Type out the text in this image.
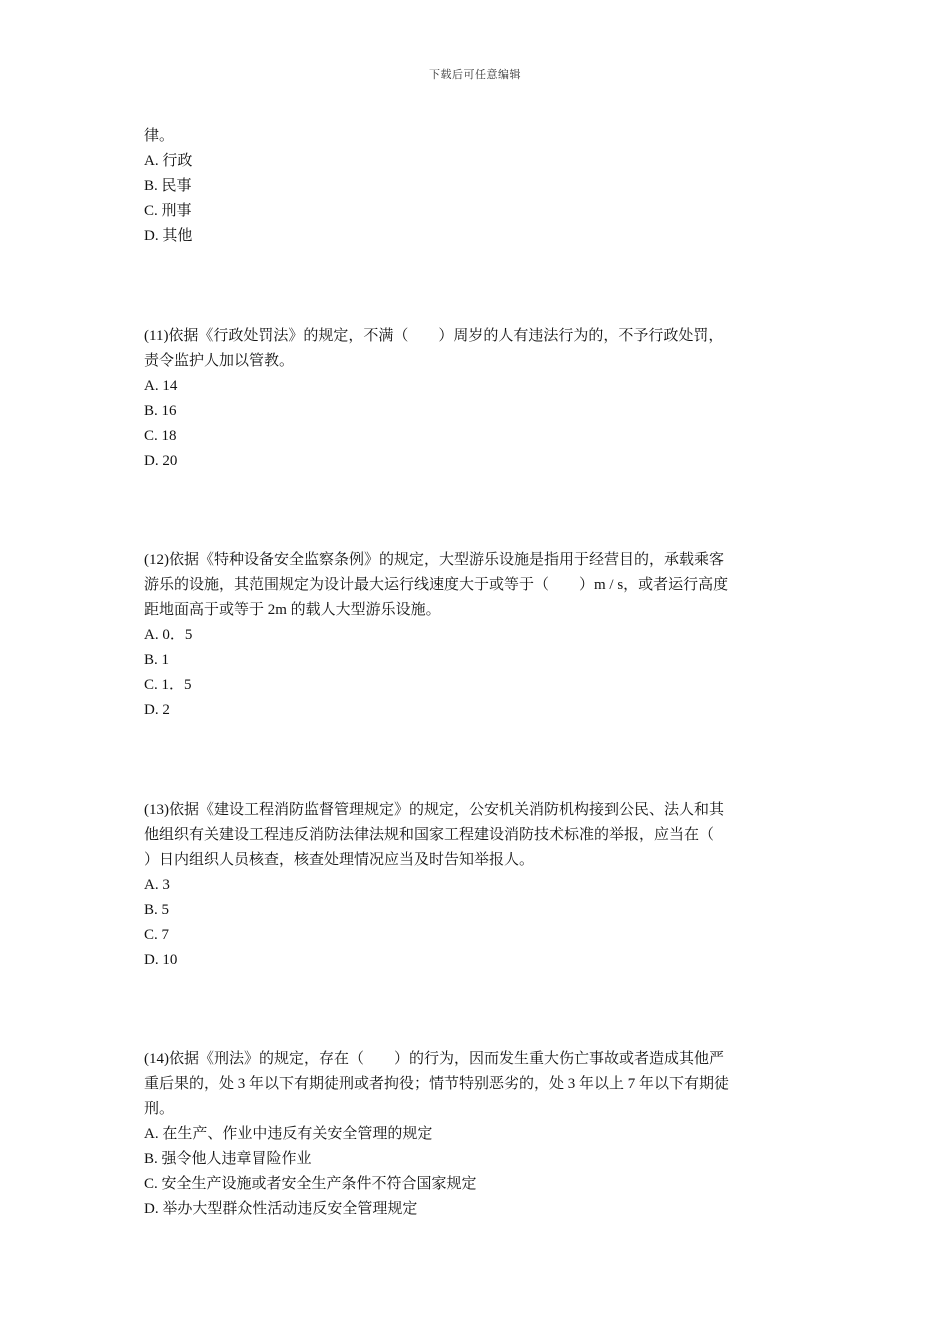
下载后可任意编辑
律。
A. 行政
B. 民事
C. 刑事
D. 其他
(11)依据《行政处罚法》的规定，不满（　　）周岁的人有违法行为的，不予行政处罚，
责令监护人加以管教。
A. 14
B. 16
C. 18
D. 20
(12)依据《特种设备安全监察条例》的规定，大型游乐设施是指用于经营目的，承载乘客
游乐的设施，其范围规定为设计最大运行线速度大于或等于（　　）m / s，或者运行高度
距地面高于或等于 2m 的载人大型游乐设施。
A. 0．5
B. 1
C. 1．5
D. 2
(13)依据《建设工程消防监督管理规定》的规定，公安机关消防机构接到公民、法人和其
他组织有关建设工程违反消防法律法规和国家工程建设消防技术标准的举报，应当在（
）日内组织人员核查，核查处理情况应当及时告知举报人。
A. 3
B. 5
C. 7
D. 10
(14)依据《刑法》的规定，存在（　　）的行为，因而发生重大伤亡事故或者造成其他严
重后果的，处 3 年以下有期徒刑或者拘役；情节特别恶劣的，处 3 年以上 7 年以下有期徒
刑。
A. 在生产、作业中违反有关安全管理的规定
B. 强令他人违章冒险作业
C. 安全生产设施或者安全生产条件不符合国家规定
D. 举办大型群众性活动违反安全管理规定
